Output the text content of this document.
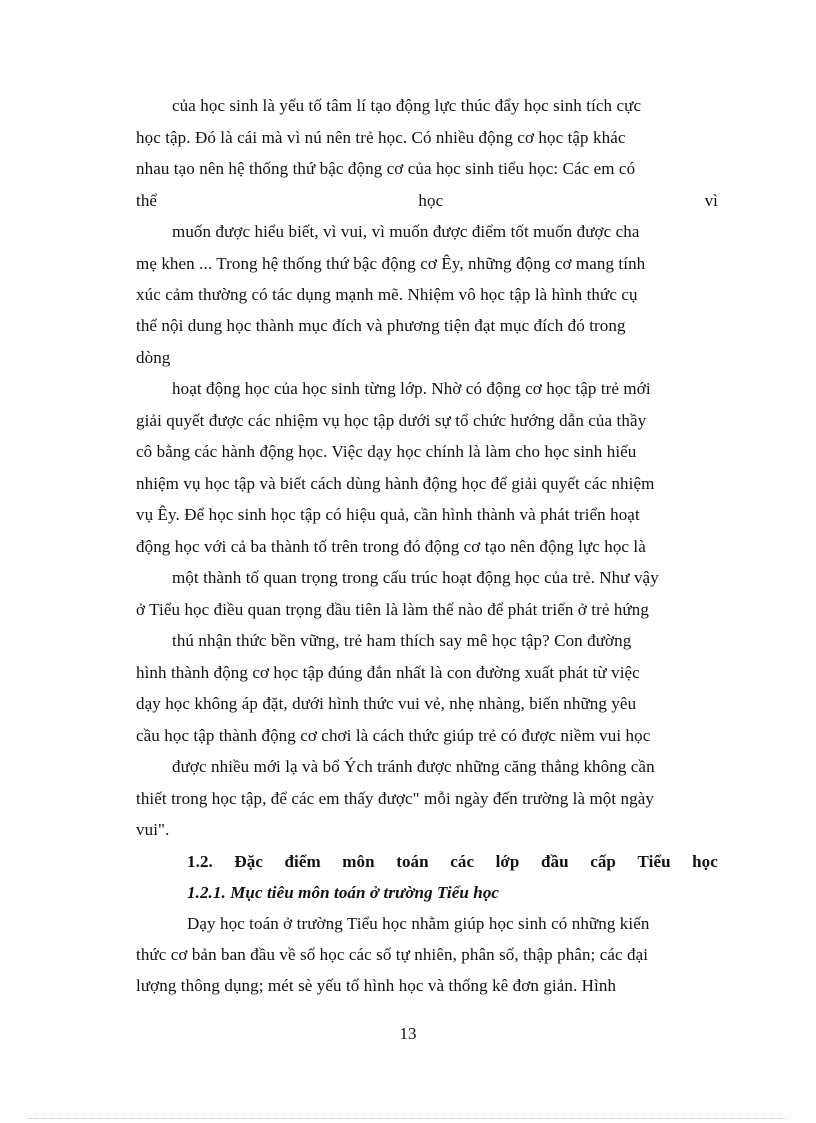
của học sinh là yếu tố tâm lí tạo động lực thúc đẩy học sinh tích cực
học tập. Đó là cái mà vì nú nên trẻ học. Có nhiều động cơ học tập khác
nhau tạo nên hệ thống thứ bậc động cơ của học sinh tiểu học: Các em có
thể	học	vì
muốn được hiểu biết, vì vui, vì muốn được điểm tốt muốn được cha
mẹ khen ... Trong hệ thống thứ bậc động cơ Êy, những động cơ mang tính
xúc cảm thường có tác dụng mạnh mẽ. Nhiệm vô học tập là hình thức cụ
thể nội dung học thành mục đích và phương tiện đạt mục đích đó trong
dòng
hoạt động học của học sinh từng lớp. Nhờ có động cơ học tập trẻ mới
giải quyết được các nhiệm vụ học tập dưới sự tổ chức hướng dẫn của thầy
cô bằng các hành động học. Việc dạy học chính là làm cho học sinh hiểu
nhiệm vụ học tập và biết cách dùng hành động học để giải quyết các nhiệm
vụ Êy. Để học sinh học tập có hiệu quả, cần hình thành và phát triển hoạt
động học với cả ba thành tố trên trong đó động cơ tạo nên động lực học là
một thành tố quan trọng trong cấu trúc hoạt động học của trẻ. Như vậy
ở Tiểu học điều quan trọng đầu tiên là làm thế nào để phát triển ở trẻ hứng
thú nhận thức bền vững, trẻ ham thích say mê học tập? Con đường
hình thành động cơ học tập đúng đắn nhất là con đường xuất phát từ việc
dạy học không áp đặt, dưới hình thức vui vẻ, nhẹ nhàng, biến những yêu
cầu học tập thành động cơ chơi là cách thức giúp trẻ có được niềm vui học
được nhiều mới lạ và bổ Ých tránh được những căng thẳng không cần
thiết trong học tập, để các em thấy được" mỗi ngày đến trường là một ngày
vui".
1.2. Đặc điểm môn toán các lớp đầu cấp Tiểu học
1.2.1. Mục tiêu môn toán ở trường Tiểu học
Dạy học toán ở trường Tiểu học nhằm giúp học sinh có những kiến
thức cơ bản ban đầu về số học các số tự nhiên, phân số, thập phân; các đại
lượng thông dụng; mét sè yếu tố hình học và thống kê đơn giản. Hình
13
